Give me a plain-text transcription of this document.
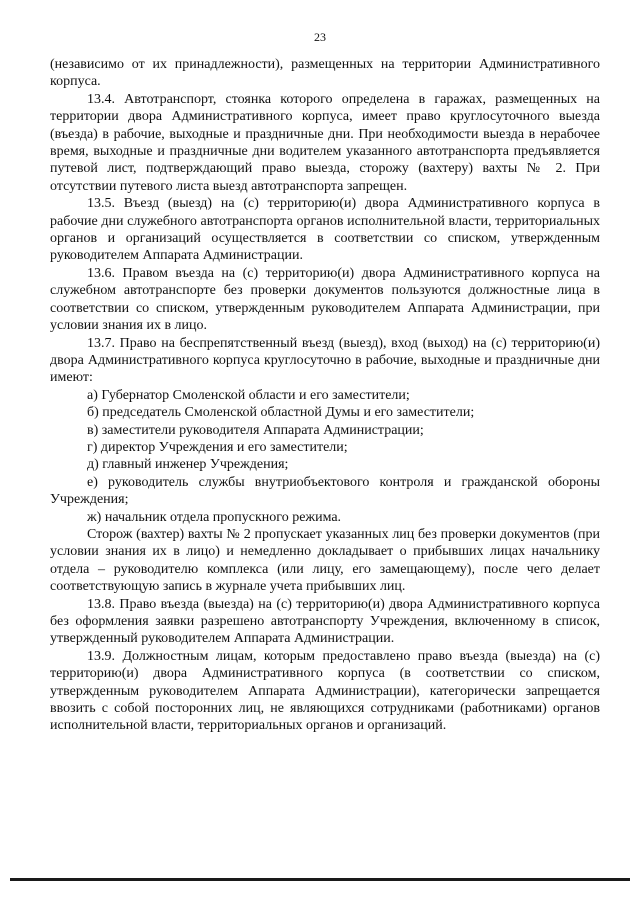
23

(независимо от их принадлежности), размещенных на территории Административного корпуса.

13.4. Автотранспорт, стоянка которого определена в гаражах, размещенных на территории двора Административного корпуса, имеет право круглосуточного выезда (въезда) в рабочие, выходные и праздничные дни. При необходимости выезда в нерабочее время, выходные и праздничные дни водителем указанного автотранспорта предъявляется путевой лист, подтверждающий право выезда, сторожу (вахтеру) вахты № 2. При отсутствии путевого листа выезд автотранспорта запрещен.

13.5. Въезд (выезд) на (с) территорию(и) двора Административного корпуса в рабочие дни служебного автотранспорта органов исполнительной власти, территориальных органов и организаций осуществляется в соответствии со списком, утвержденным руководителем Аппарата Администрации.

13.6. Правом въезда на (с) территорию(и) двора Административного корпуса на служебном автотранспорте без проверки документов пользуются должностные лица в соответствии со списком, утвержденным руководителем Аппарата Администрации, при условии знания их в лицо.

13.7. Право на беспрепятственный въезд (выезд), вход (выход) на (с) территорию(и) двора Административного корпуса круглосуточно в рабочие, выходные и праздничные дни имеют:

а) Губернатор Смоленской области и его заместители;

б) председатель Смоленской областной Думы и его заместители;

в) заместители руководителя Аппарата Администрации;

г) директор Учреждения и его заместители;

д) главный инженер Учреждения;

е) руководитель службы внутриобъектового контроля и гражданской обороны Учреждения;

ж) начальник отдела пропускного режима.

Сторож (вахтер) вахты № 2 пропускает указанных лиц без проверки документов (при условии знания их в лицо) и немедленно докладывает о прибывших лицах начальнику отдела – руководителю комплекса (или лицу, его замещающему), после чего делает соответствующую запись в журнале учета прибывших лиц.

13.8. Право въезда (выезда) на (с) территорию(и) двора Административного корпуса без оформления заявки разрешено автотранспорту Учреждения, включенному в список, утвержденный руководителем Аппарата Администрации.

13.9. Должностным лицам, которым предоставлено право въезда (выезда) на (с) территорию(и) двора Административного корпуса (в соответствии со списком, утвержденным руководителем Аппарата Администрации), категорически запрещается ввозить с собой посторонних лиц, не являющихся сотрудниками (работниками) органов исполнительной власти, территориальных органов и организаций.
